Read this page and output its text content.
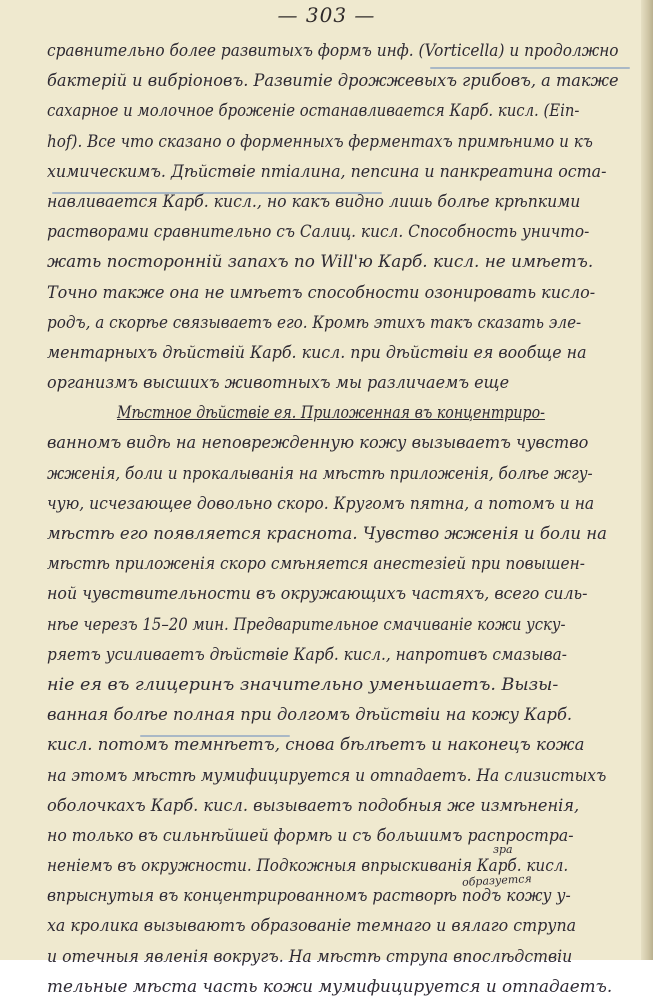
— 303 —
сравнительно более развитыхъ формъ инф. (Vorticella) и продолжно
бактерій и вибріоновъ. Развитіе дрожжевыхъ грибовъ, а также
сахарное и молочное броженіе останавливается Карб. кисл. (Ein-
hof). Все что сказано о форменныхъ ферментахъ примѣнимо и къ
химическимъ. Дѣйствіе птіалина, пепсина и панкреатина оста-
навливается Карб. кисл., но какъ видно лишь болѣе крѣпкими
растворами сравнительно съ Салиц. кисл. Способность уничто-
жать посторонній запахъ по Will'ю Карб. кисл. не имѣетъ.
Точно также она не имѣетъ способности озонировать кисло-
родъ, а скорѣе связываетъ его. Кромѣ этихъ такъ сказать эле-
ментарныхъ дѣйствій Карб. кисл. при дѣйствіи ея вообще на
организмъ высшихъ животныхъ мы различаемъ еще
Мѣстное дѣйствіе ея. Приложенная въ концентриро-
ванномъ видѣ на неповрежденную кожу вызываетъ чувство
жженія, боли и прокалыванія на мѣстѣ приложенія, болѣе жгу-
чую, исчезающее довольно скоро. Кругомъ пятна, а потомъ и на
мѣстѣ его появляется краснота. Чувство жженія и боли на
мѣстѣ приложенія скоро смѣняется анестезіей при повышен-
ной чувствительности въ окружающихъ частяхъ, всего силь-
нѣе черезъ 15–20 мин. Предварительное смачиваніе кожи уску-
ряетъ усиливаетъ дѣйствіе Карб. кисл., напротивъ смазыва-
ніе ея въ глицеринъ значительно уменьшаетъ. Вызы-
ванная болѣе полная при долгомъ дѣйствіи на кожу Карб.
кисл. потомъ темнѣетъ, снова бѣлѣетъ и наконецъ кожа
на этомъ мѣстѣ мумифицируется и отпадаетъ. На слизистыхъ
оболочкахъ Карб. кисл. вызываетъ подобныя же измѣненія,
но только въ сильнѣйшей формѣ и съ большимъ распростра-
неніемъ въ окружности. Подкожныя впрыскиванія Карб. кисл.
впрыснутыя въ концентрированномъ растворѣ подъ кожу у-
ха кролика вызываютъ образованіе темнаго и вялаго струпа
и отечныя явленія вокругъ. На мѣстѣ струпа впослѣдствіи
тельные мѣста часть кожи мумифицируется и отпадаетъ.
зра
образуется
